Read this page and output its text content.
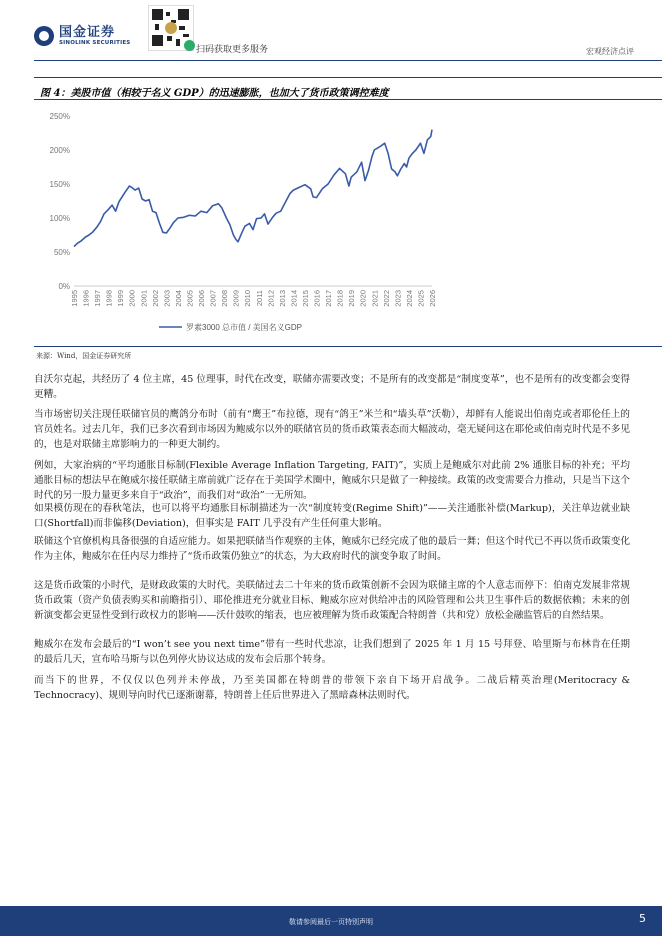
国金证券
SINOLINK SECURITIES
扫码获取更多服务	宏观经济点评
图 4：美股市值（相较于名义 GDP）的迅速膨胀，也加大了货币政策调控难度
0%
50%
100%
150%
200%
250%
1995 1996 1997 1998 1999 2000 2001 2002 2003 2004 2005 2006 2007 2008 2009 2010 2011 2012 2013 2014 2015 2016 2017 2018 2019 2020 2021 2022 2023 2024 2025 2026
罗素3000 总市值 / 美国名义GDP
来源：Wind，国金证券研究所
自沃尔克起，共经历了 4 位主席，45 位理事，时代在改变，联储亦需要改变；不是所有的改变都是“制度变革”，也不是所有的改变都会变得更糟。
当市场密切关注现任联储官员的鹰鸽分布时（前有“鹰王”布拉德，现有“鸽王”米兰和“墙头草”沃勒），却鲜有人能说出伯南克或者耶伦任上的官员姓名。过去几年，我们已多次看到市场因为鲍威尔以外的联储官员的货币政策表态而大幅波动，毫无疑问这在耶伦或伯南克时代是不多见的，也是对联储主席影响力的一种更大制约。
例如，大家治病的“平均通胀目标制(Flexible Average Inflation Targeting, FAIT)”，实质上是鲍威尔对此前 2% 通胀目标的补充；平均通胀目标的想法早在鲍威尔接任联储主席前就广泛存在于美国学术圈中，鲍威尔只是做了一种接续。政策的改变需要合力推动，只是当下这个时代的另一股力量更多来自于“政治”，而我们对“政治”一无所知。
如果模仿现在的春秋笔法，也可以将平均通胀目标制描述为一次“制度转变(Regime Shift)”——关注通胀补偿(Markup)，关注单边就业缺口(Shortfall)而非偏移(Deviation)，但事实是 FAIT 几乎没有产生任何重大影响。
联储这个官僚机构具备很强的自适应能力。如果把联储当作观察的主体，鲍威尔已经完成了他的最后一舞；但这个时代已不再以货币政策变化作为主体，鲍威尔在任内尽力维持了“货币政策仍独立”的状态，为大政府时代的演变争取了时间。
这是货币政策的小时代，是财政政策的大时代。美联储过去二十年来的货币政策创新不会因为联储主席的个人意志而停下：伯南克发展非常规货币政策（资产负债表购买和前瞻指引）、耶伦推进充分就业目标、鲍威尔应对供给冲击的风险管理和公共卫生事件后的数据依赖；未来的创新演变都会更显性受到行政权力的影响——沃什鼓吹的缩表，也应被理解为货币政策配合特朗普（共和党）放松金融监管后的自然结果。
鲍威尔在发布会最后的“I won’t see you next time”带有一些时代悲凉，让我们想到了 2025 年 1 月 15 号拜登、哈里斯与布林肯在任期的最后几天，宣布哈马斯与以色列停火协议达成的发布会后那个转身。
而当下的世界，不仅仅以色列并未停战，乃至美国都在特朗普的带领下亲自下场开启战争。二战后精英治理(Meritocracy & Technocracy)、规则导向时代已逐渐谢幕，特朗普上任后世界进入了黑暗森林法则时代。
敬请参阅最后一页特别声明	5
